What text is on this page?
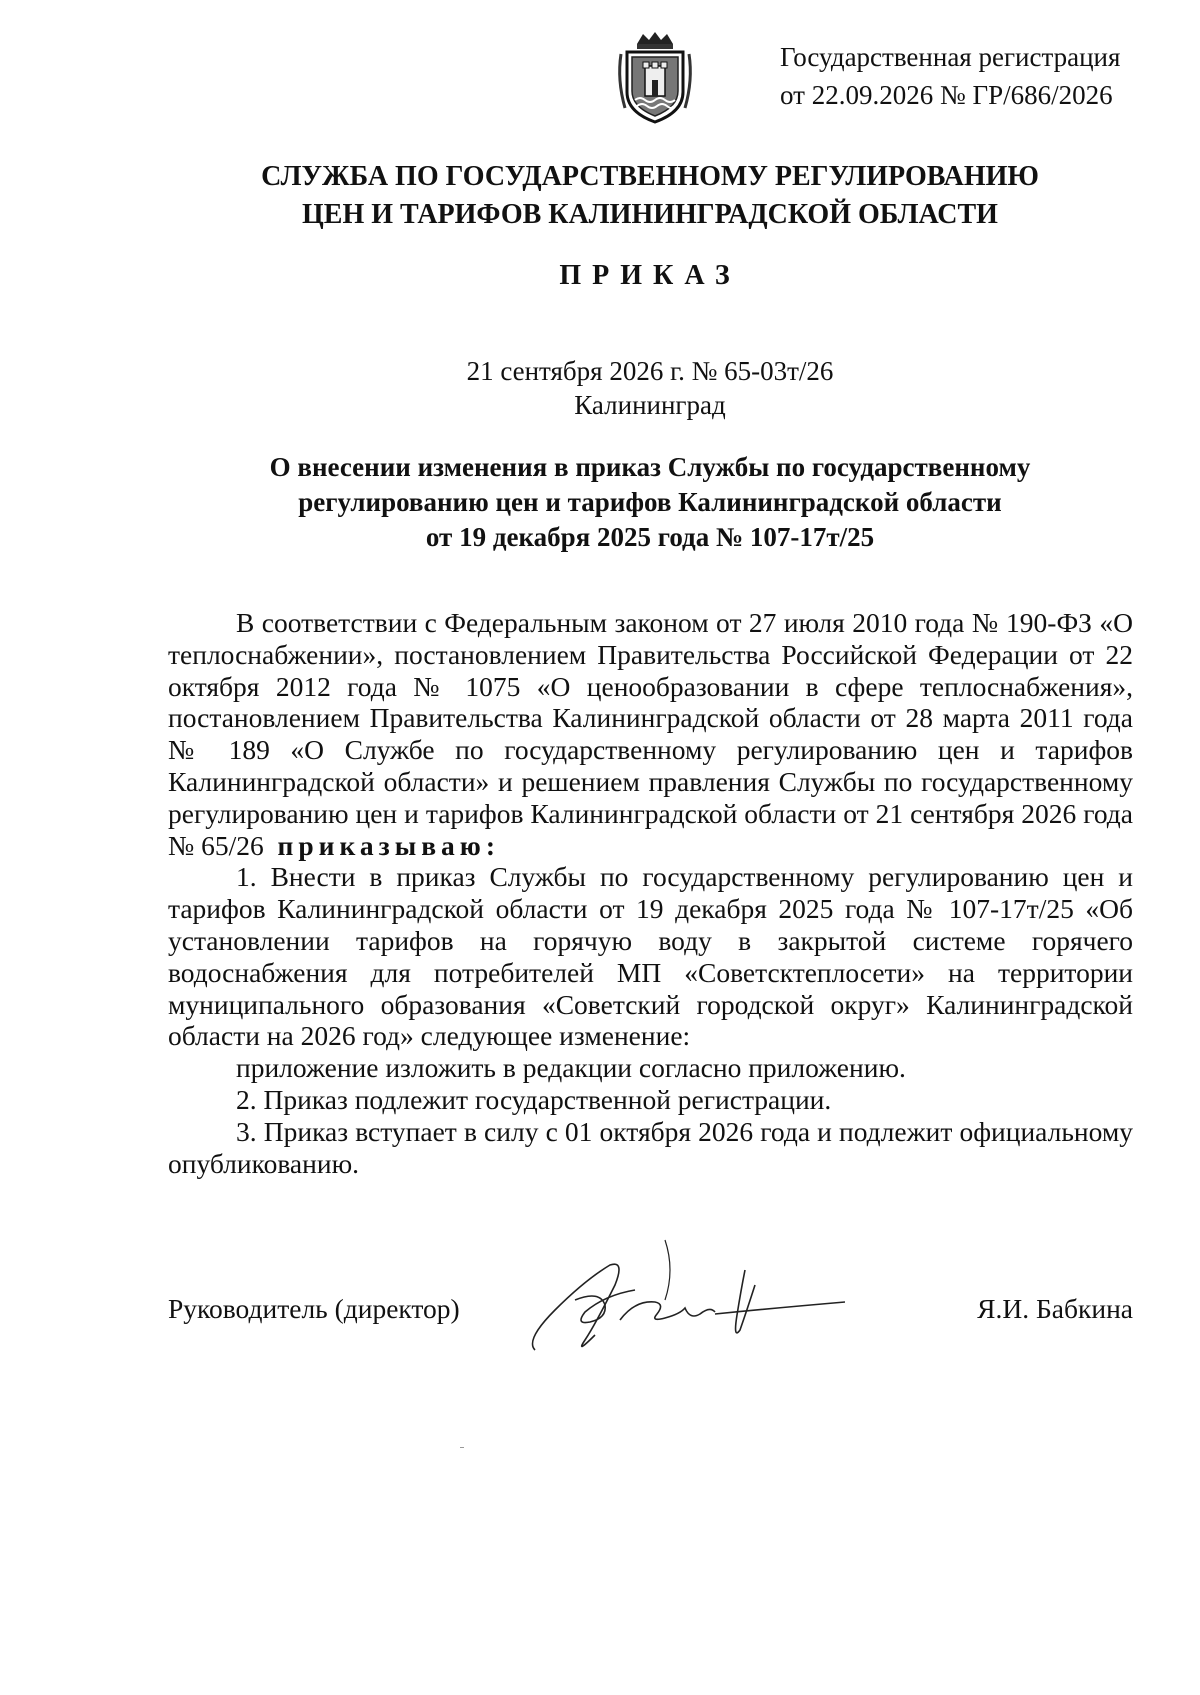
Государственная регистрация
от 22.09.2026 № ГР/686/2026
СЛУЖБА ПО ГОСУДАРСТВЕННОМУ РЕГУЛИРОВАНИЮ
ЦЕН И ТАРИФОВ КАЛИНИНГРАДСКОЙ ОБЛАСТИ
ПРИКАЗ
21 сентября 2026 г. № 65-03т/26
Калининград
О внесении изменения в приказ Службы по государственному
регулированию цен и тарифов Калининградской области
от 19 декабря 2025 года № 107-17т/25

В соответствии с Федеральным законом от 27 июля 2010 года № 190-ФЗ «О теплоснабжении», постановлением Правительства Российской Федерации от 22 октября 2012 года № 1075 «О ценообразовании в сфере теплоснабжения», постановлением Правительства Калининградской области от 28 марта 2011 года № 189 «О Службе по государственному регулированию цен и тарифов Калининградской области» и решением правления Службы по государственному регулированию цен и тарифов Калининградской области от 21 сентября 2026 года № 65/26 приказываю:

1. Внести в приказ Службы по государственному регулированию цен и тарифов Калининградской области от 19 декабря 2025 года № 107-17т/25 «Об установлении тарифов на горячую воду в закрытой системе горячего водоснабжения для потребителей МП «Советсктеплосети» на территории муниципального образования «Советский городской округ» Калининградской области на 2026 год» следующее изменение:

приложение изложить в редакции согласно приложению.

2. Приказ подлежит государственной регистрации.

3. Приказ вступает в силу с 01 октября 2026 года и подлежит официальному опубликованию.

Руководитель (директор)	Я.И. Бабкина
